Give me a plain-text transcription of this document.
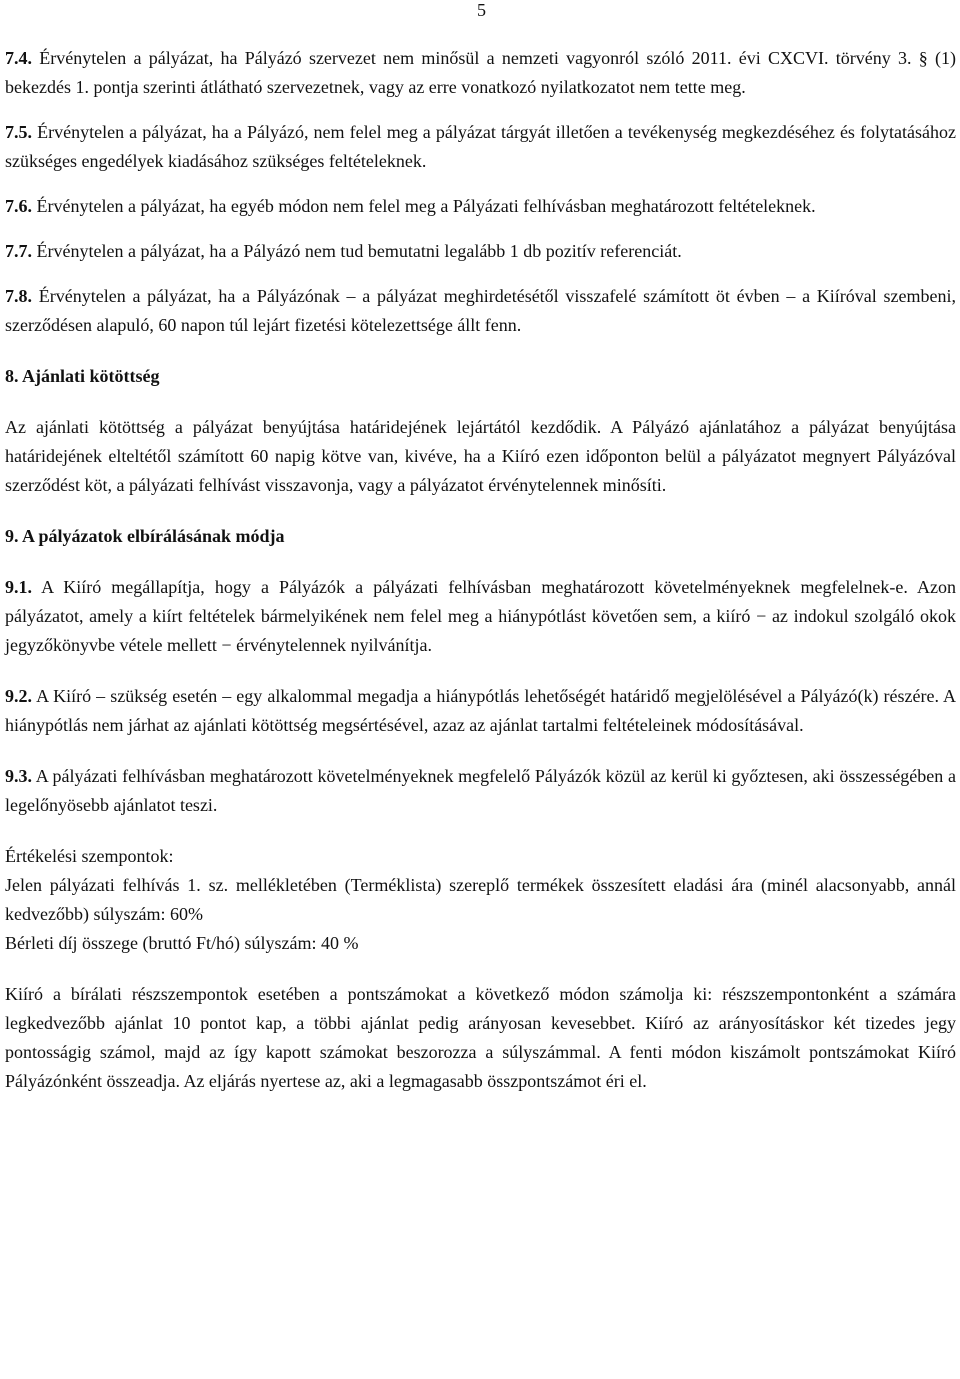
5

7.4. Érvénytelen a pályázat, ha Pályázó szervezet nem minősül a nemzeti vagyonról szóló 2011. évi CXCVI. törvény 3. § (1) bekezdés 1. pontja szerinti átlátható szervezetnek, vagy az erre vonatkozó nyilatkozatot nem tette meg.

7.5. Érvénytelen a pályázat, ha a Pályázó, nem felel meg a pályázat tárgyát illetően a tevékenység megkezdéséhez és folytatásához szükséges engedélyek kiadásához szükséges feltételeknek.

7.6. Érvénytelen a pályázat, ha egyéb módon nem felel meg a Pályázati felhívásban meghatározott feltételeknek.

7.7. Érvénytelen a pályázat, ha a Pályázó nem tud bemutatni legalább 1 db pozitív referenciát.

7.8. Érvénytelen a pályázat, ha a Pályázónak – a pályázat meghirdetésétől visszafelé számított öt évben – a Kiíróval szembeni, szerződésen alapuló, 60 napon túl lejárt fizetési kötelezettsége állt fenn.

8. Ajánlati kötöttség

Az ajánlati kötöttség a pályázat benyújtása határidejének lejártától kezdődik. A Pályázó ajánlatához a pályázat benyújtása határidejének elteltétől számított 60 napig kötve van, kivéve, ha a Kiíró ezen időponton belül a pályázatot megnyert Pályázóval szerződést köt, a pályázati felhívást visszavonja, vagy a pályázatot érvénytelennek minősíti.

9. A pályázatok elbírálásának módja

9.1. A Kiíró megállapítja, hogy a Pályázók a pályázati felhívásban meghatározott követelményeknek megfelelnek-e. Azon pályázatot, amely a kiírt feltételek bármelyikének nem felel meg a hiánypótlást követően sem, a kiíró − az indokul szolgáló okok jegyzőkönyvbe vétele mellett − érvénytelennek nyilvánítja.

9.2. A Kiíró – szükség esetén – egy alkalommal megadja a hiánypótlás lehetőségét határidő megjelölésével a Pályázó(k) részére. A hiánypótlás nem járhat az ajánlati kötöttség megsértésével, azaz az ajánlat tartalmi feltételeinek módosításával.

9.3. A pályázati felhívásban meghatározott követelményeknek megfelelő Pályázók közül az kerül ki győztesen, aki összességében a legelőnyösebb ajánlatot teszi.

Értékelési szempontok:

Jelen pályázati felhívás 1. sz. mellékletében (Terméklista) szereplő termékek összesített eladási ára (minél alacsonyabb, annál kedvezőbb) súlyszám: 60%

Bérleti díj összege (bruttó Ft/hó) súlyszám: 40 %

Kiíró a bírálati részszempontok esetében a pontszámokat a következő módon számolja ki: részszempontonként a számára legkedvezőbb ajánlat 10 pontot kap, a többi ajánlat pedig arányosan kevesebbet. Kiíró az arányosításkor két tizedes jegy pontosságig számol, majd az így kapott számokat beszorozza a súlyszámmal. A fenti módon kiszámolt pontszámokat Kiíró Pályázónként összeadja. Az eljárás nyertese az, aki a legmagasabb összpontszámot éri el.
